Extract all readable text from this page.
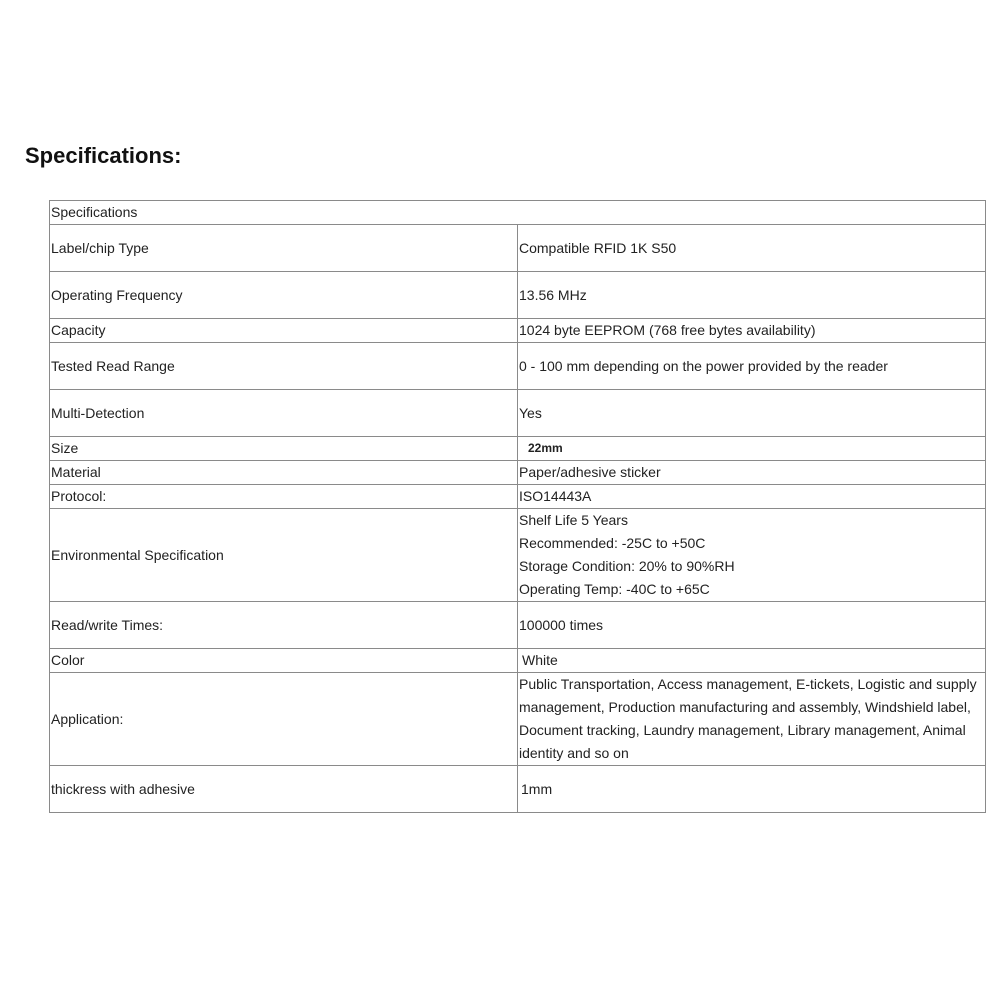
Specifications:
Specifications	
Label/chip Type	Compatible RFID 1K S50

Operating Frequency	13.56 MHz

Capacity	1024 byte EEPROM (768 free bytes availability)

Tested Read Range	0 - 100 mm depending on the power provided by the reader

Multi-Detection	Yes

Size	22mm

Material	Paper/adhesive sticker

Protocol:	ISO14443A

Environmental Specification	Shelf Life 5 Years
Recommended: -25C to +50C
Storage Condition: 20% to 90%RH
Operating Temp: -40C to +65C

Read/write Times:	100000 times

Color	White

Application:	Public Transportation, Access management, E-tickets, Logistic and supply management, Production manufacturing and assembly, Windshield label, Document tracking, Laundry management, Library management, Animal identity and so on

thickress with adhesive	1mm
